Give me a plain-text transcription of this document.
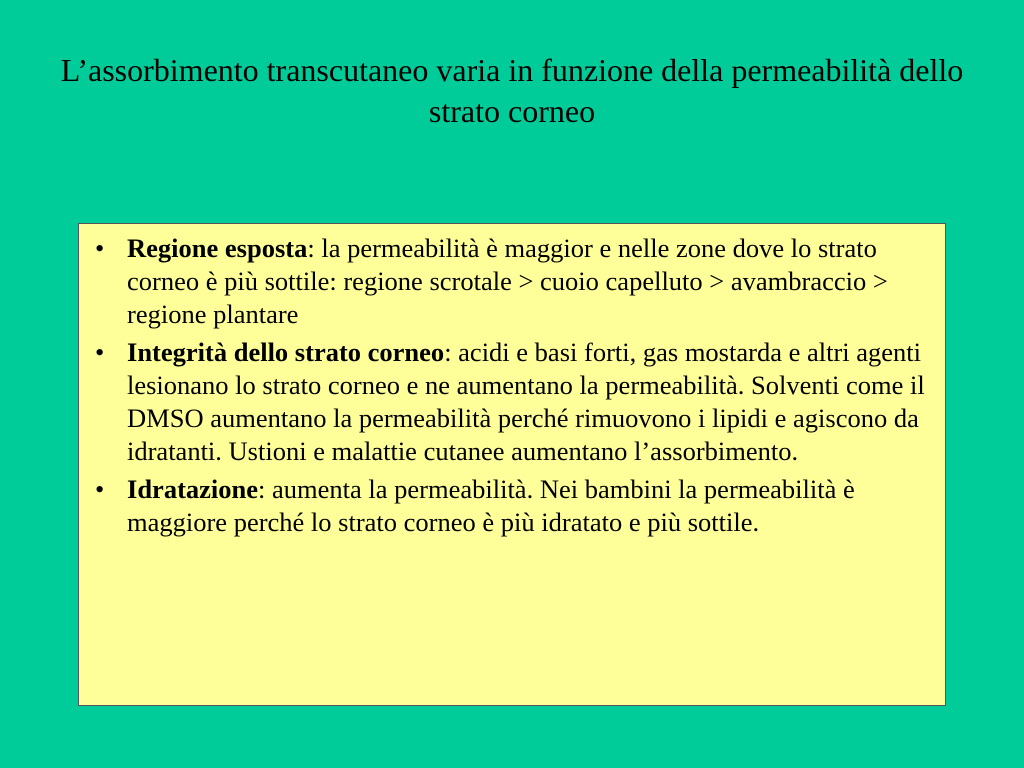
L’assorbimento transcutaneo varia in funzione della permeabilità dello strato corneo
• Regione esposta: la permeabilità è maggior e nelle zone dove lo strato corneo è più sottile: regione scrotale > cuoio capelluto > avambraccio > regione plantare
• Integrità dello strato corneo: acidi e basi forti, gas mostarda e altri agenti lesionano lo strato corneo e ne aumentano la permeabilità. Solventi come il DMSO aumentano la permeabilità perché rimuovono i lipidi e agiscono da idratanti. Ustioni e malattie cutanee aumentano l’assorbimento.
• Idratazione: aumenta la permeabilità. Nei bambini la permeabilità è maggiore perché lo strato corneo è più idratato e più sottile.
